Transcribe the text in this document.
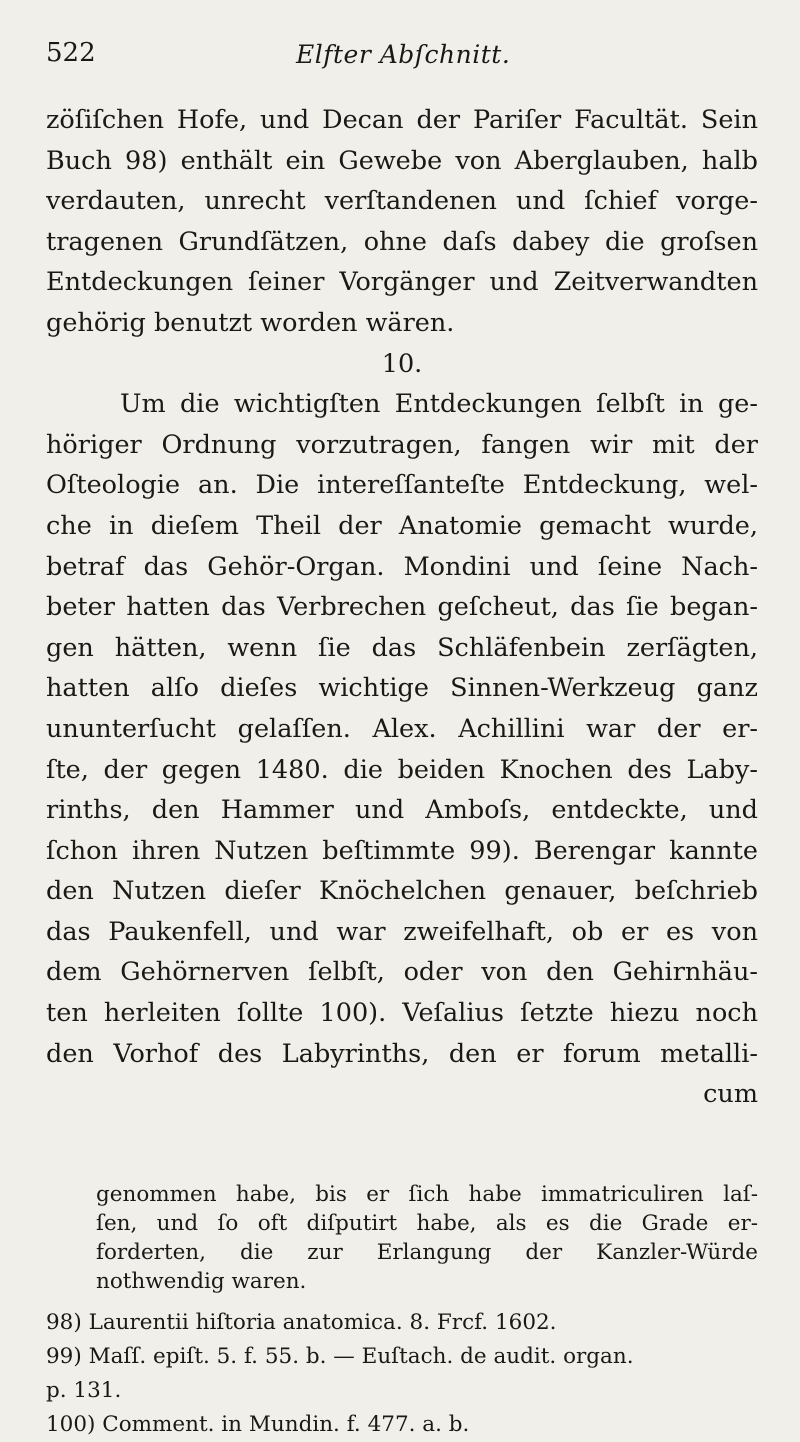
522	Elfter Abſchnitt.
zöſiſchen Hofe, und Decan der Pariſer Facultät. Sein
Buch 98) enthält ein Gewebe von Aberglauben, halb
verdauten, unrecht verſtandenen und ſchief vorge-
tragenen Grundſätzen, ohne daſs dabey die groſsen
Entdeckungen ſeiner Vorgänger und Zeitverwandten
gehörig benutzt worden wären.
10.
Um die wichtigſten Entdeckungen ſelbſt in ge-
höriger Ordnung vorzutragen, fangen wir mit der
Oſteologie an. Die intereſſanteſte Entdeckung, wel-
che in dieſem Theil der Anatomie gemacht wurde,
betraf das Gehör-Organ. Mondini und ſeine Nach-
beter hatten das Verbrechen geſcheut, das ſie began-
gen hätten, wenn ſie das Schläfenbein zerſägten,
hatten alſo dieſes wichtige Sinnen-Werkzeug ganz
ununterſucht gelaſſen. Alex. Achillini war der er-
ſte, der gegen 1480. die beiden Knochen des Laby-
rinths, den Hammer und Amboſs, entdeckte, und
ſchon ihren Nutzen beſtimmte 99). Berengar kannte
den Nutzen dieſer Knöchelchen genauer, beſchrieb
das Paukenfell, und war zweifelhaft, ob er es von
dem Gehörnerven ſelbſt, oder von den Gehirnhäu-
ten herleiten ſollte 100). Veſalius ſetzte hiezu noch
den Vorhof des Labyrinths, den er forum metalli-
cum
genommen habe, bis er ſich habe immatriculiren laſ-
ſen, und ſo oft diſputirt habe, als es die Grade er-
forderten, die zur Erlangung der Kanzler-Würde
nothwendig waren.
98) Laurentii hiſtoria anatomica. 8. Frcf. 1602.
99) Maſſ. epiſt. 5. f. 55. b. — Euſtach. de audit. organ.
p. 131.
100) Comment. in Mundin. f. 477. a. b.
